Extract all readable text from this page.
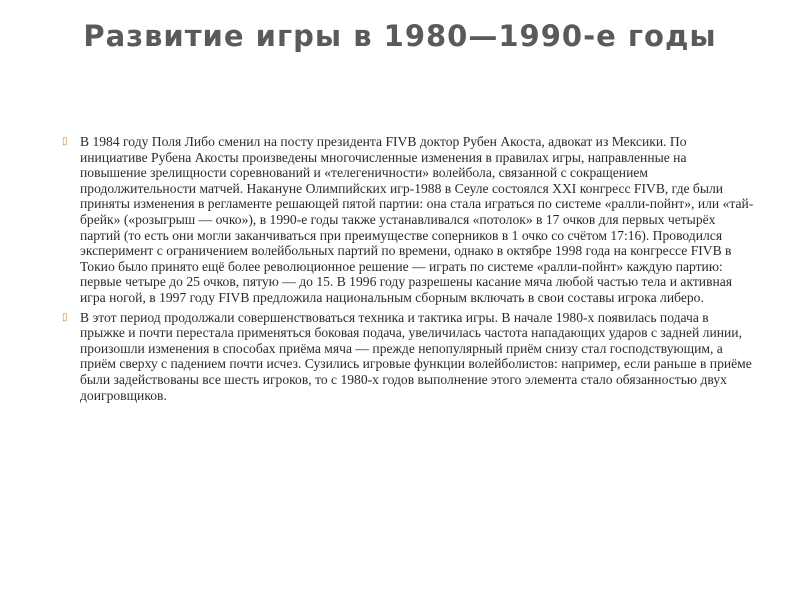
Развитие игры в 1980—1990-е годы
▯ В 1984 году Поля Либо сменил на посту президента FIVB доктор Рубен Акоста, адвокат из Мексики. По инициативе Рубена Акосты произведены многочисленные изменения в правилах игры, направленные на повышение зрелищности соревнований и «телегеничности» волейбола, связанной с сокращением продолжительности матчей. Накануне Олимпийских игр-1988 в Сеуле состоялся XXI конгресс FIVB, где были приняты изменения в регламенте решающей пятой партии: она стала играться по системе «ралли-пойнт», или «тай-брейк» («розыгрыш — очко»), в 1990-е годы также устанавливался «потолок» в 17 очков для первых четырёх партий (то есть они могли заканчиваться при преимуществе соперников в 1 очко со счётом 17:16). Проводился эксперимент с ограничением волейбольных партий по времени, однако в октябре 1998 года на конгрессе FIVB в Токио было принято ещё более революционное решение — играть по системе «ралли-пойнт» каждую партию: первые четыре до 25 очков, пятую — до 15. В 1996 году разрешены касание мяча любой частью тела и активная игра ногой, в 1997 году FIVB предложила национальным сборным включать в свои составы игрока либеро.
▯ В этот период продолжали совершенствоваться техника и тактика игры. В начале 1980-х появилась подача в прыжке и почти перестала применяться боковая подача, увеличилась частота нападающих ударов с задней линии, произошли изменения в способах приёма мяча — прежде непопулярный приём снизу стал господствующим, а приём сверху с падением почти исчез. Сузились игровые функции волейболистов: например, если раньше в приёме были задействованы все шесть игроков, то с 1980-х годов выполнение этого элемента стало обязанностью двух доигровщиков.
